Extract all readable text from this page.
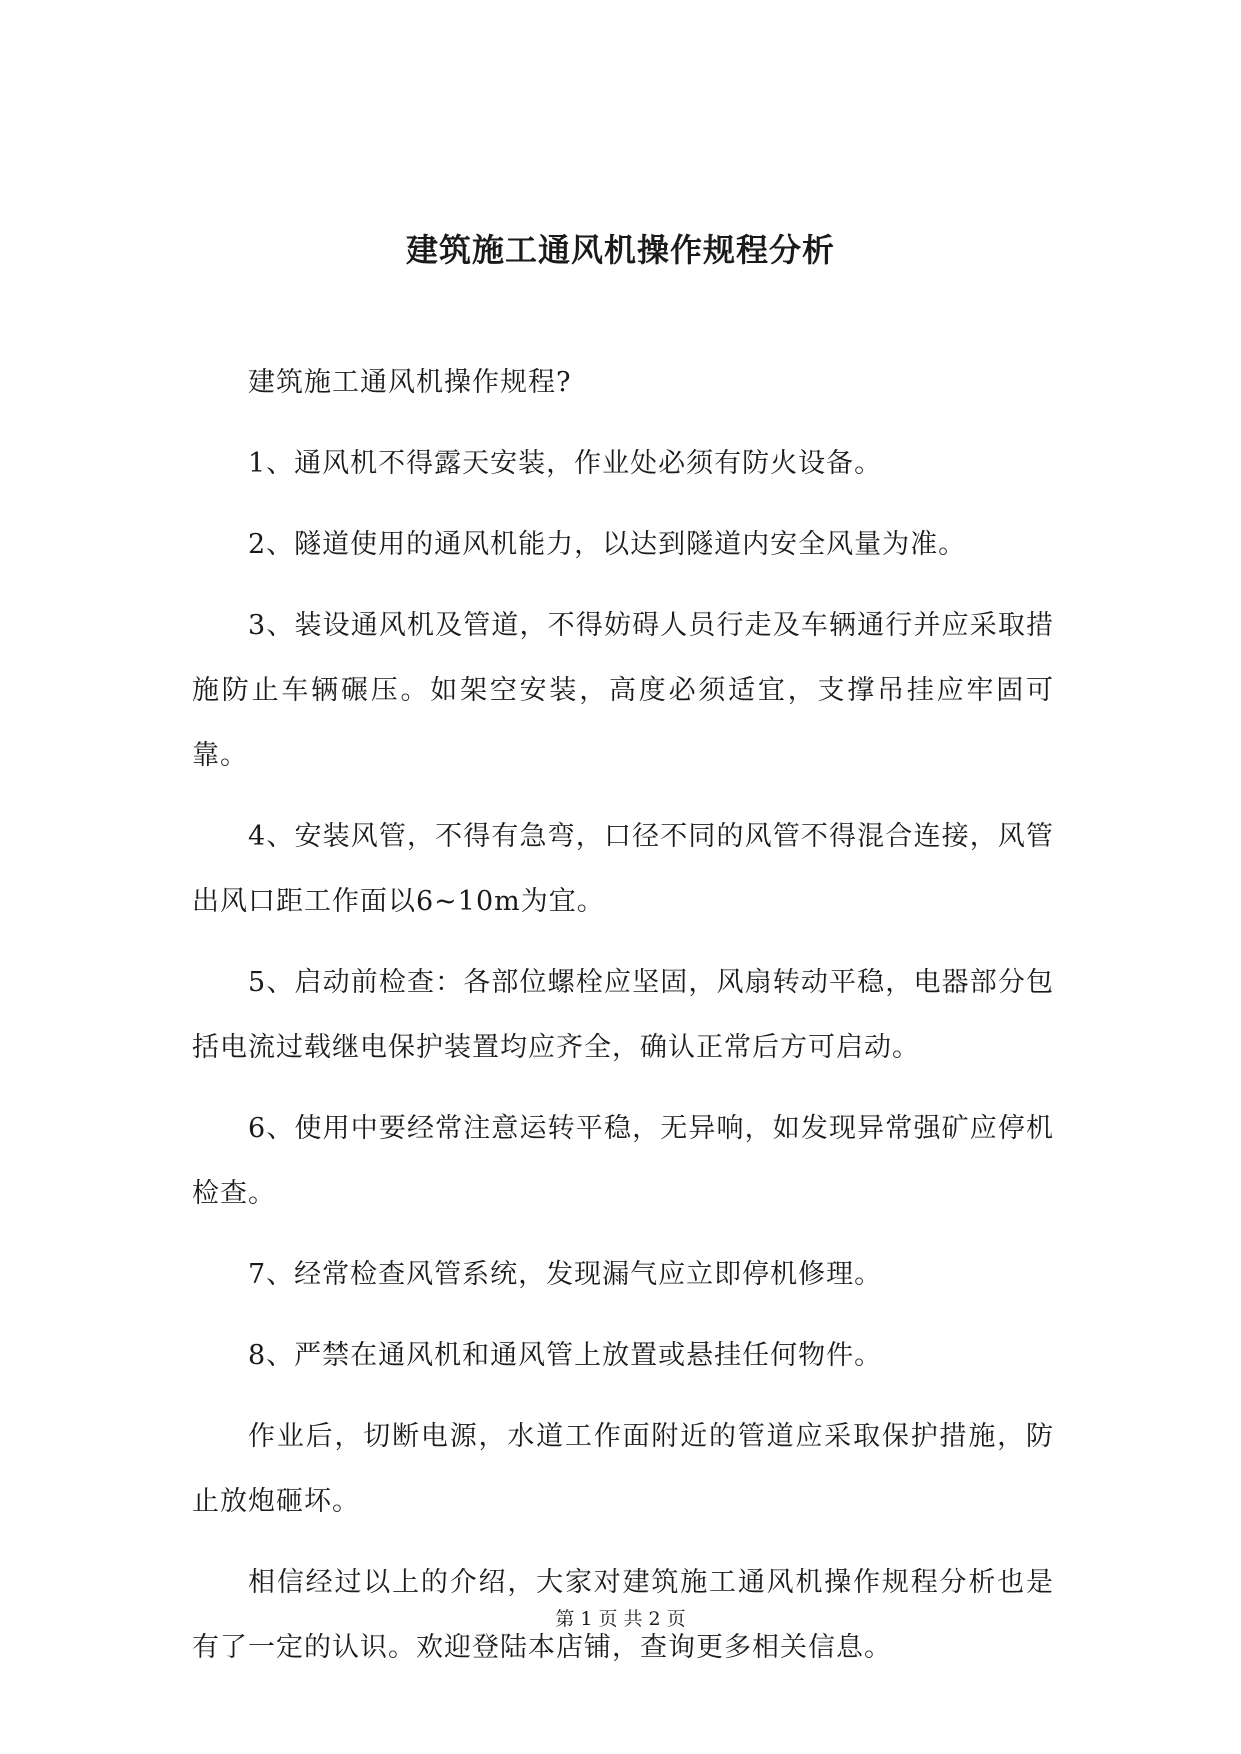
建筑施工通风机操作规程分析

建筑施工通风机操作规程?

1、通风机不得露天安装，作业处必须有防火设备。

2、隧道使用的通风机能力，以达到隧道内安全风量为准。

3、装设通风机及管道，不得妨碍人员行走及车辆通行并应采取措施防止车辆碾压。如架空安装，高度必须适宜，支撑吊挂应牢固可靠。

4、安装风管，不得有急弯，口径不同的风管不得混合连接，风管出风口距工作面以6~10m为宜。

5、启动前检查：各部位螺栓应坚固，风扇转动平稳，电器部分包括电流过载继电保护装置均应齐全，确认正常后方可启动。

6、使用中要经常注意运转平稳，无异响，如发现异常强矿应停机检查。

7、经常检查风管系统，发现漏气应立即停机修理。

8、严禁在通风机和通风管上放置或悬挂任何物件。

作业后，切断电源，水道工作面附近的管道应采取保护措施，防止放炮砸坏。

相信经过以上的介绍，大家对建筑施工通风机操作规程分析也是有了一定的认识。欢迎登陆本店铺，查询更多相关信息。

第 1 页 共 2 页
